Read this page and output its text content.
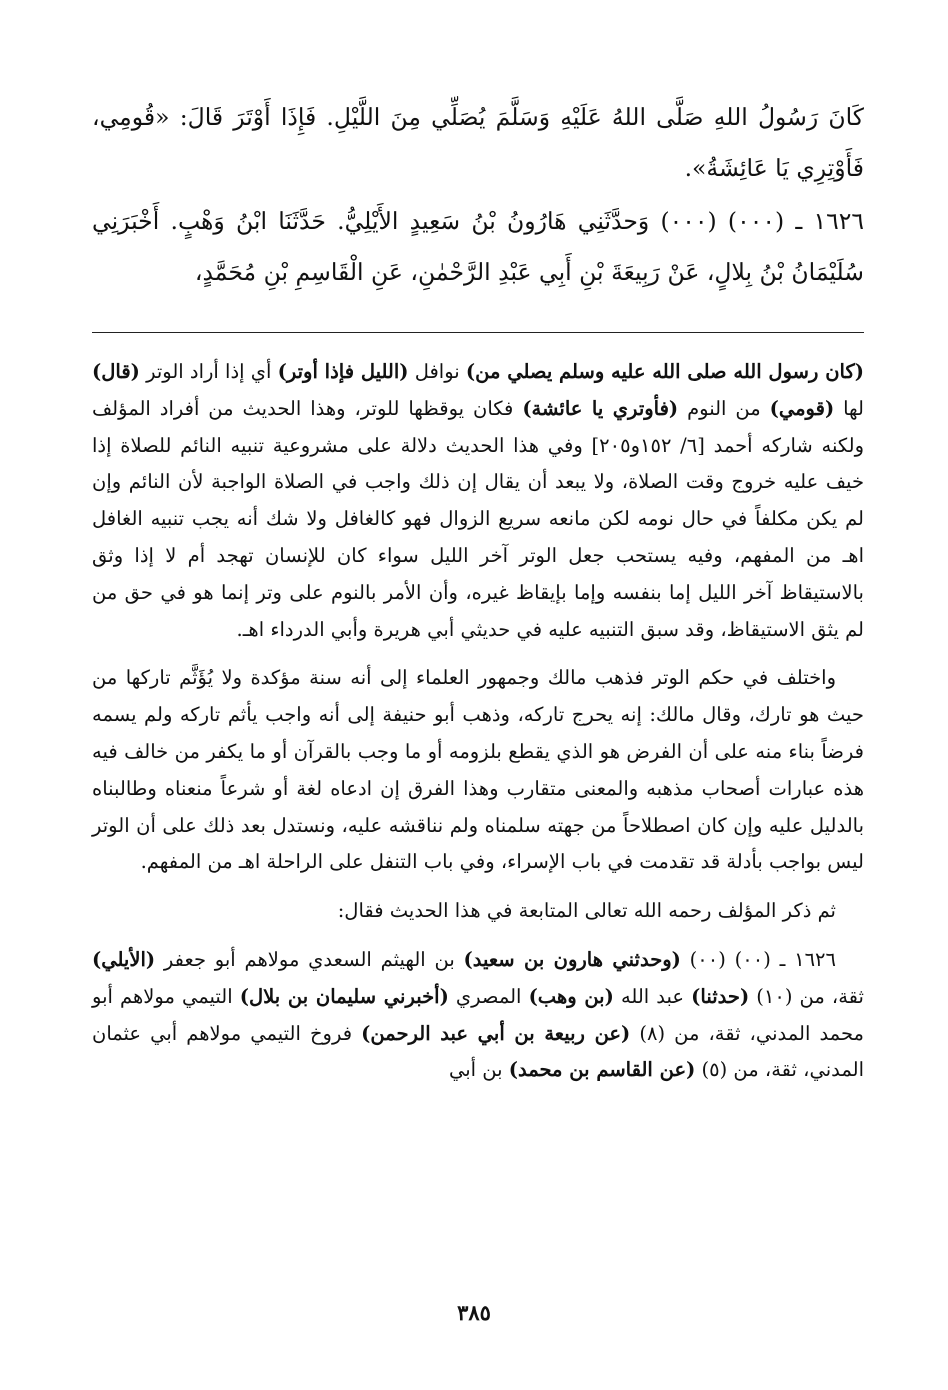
كَانَ رَسُولُ اللهِ صَلَّى اللهُ عَلَيْهِ وَسَلَّمَ يُصَلِّي مِنَ اللَّيْلِ. فَإِذَا أَوْتَرَ قَالَ: «قُومِي، فَأَوْتِرِي يَا عَائِشَةُ».

١٦٢٦ ـ (٠٠٠) (٠٠٠) وَحدَّثَنِي هَارُونُ بْنُ سَعِيدٍ الأَيْلِيُّ. حَدَّثَنَا ابْنُ وَهْبٍ. أَخْبَرَنِي سُلَيْمَانُ بْنُ بِلالٍ، عَنْ رَبِيعَةَ بْنِ أَبِي عَبْدِ الرَّحْمٰنِ، عَنِ الْقَاسِمِ بْنِ مُحَمَّدٍ،

(كان رسول الله صلى الله عليه وسلم يصلي من) نوافل (الليل فإذا أوتر) أي إذا أراد الوتر (قال) لها (قومي) من النوم (فأوتري يا عائشة) فكان يوقظها للوتر، وهذا الحديث من أفراد المؤلف ولكنه شاركه أحمد [٦/ ١٥٢و٢٠٥] وفي هذا الحديث دلالة على مشروعية تنبيه النائم للصلاة إذا خيف عليه خروج وقت الصلاة، ولا يبعد أن يقال إن ذلك واجب في الصلاة الواجبة لأن النائم وإن لم يكن مكلفاً في حال نومه لكن مانعه سريع الزوال فهو كالغافل ولا شك أنه يجب تنبيه الغافل اهـ من المفهم، وفيه يستحب جعل الوتر آخر الليل سواء كان للإنسان تهجد أم لا إذا وثق بالاستيقاظ آخر الليل إما بنفسه وإما بإيقاظ غيره، وأن الأمر بالنوم على وتر إنما هو في حق من لم يثق الاستيقاظ، وقد سبق التنبيه عليه في حديثي أبي هريرة وأبي الدرداء اهـ.

واختلف في حكم الوتر فذهب مالك وجمهور العلماء إلى أنه سنة مؤكدة ولا يُؤَثَّم تاركها من حيث هو تارك، وقال مالك: إنه يحرج تاركه، وذهب أبو حنيفة إلى أنه واجب يأثم تاركه ولم يسمه فرضاً بناء منه على أن الفرض هو الذي يقطع بلزومه أو ما وجب بالقرآن أو ما يكفر من خالف فيه هذه عبارات أصحاب مذهبه والمعنى متقارب وهذا الفرق إن ادعاه لغة أو شرعاً منعناه وطالبناه بالدليل عليه وإن كان اصطلاحاً من جهته سلمناه ولم نناقشه عليه، ونستدل بعد ذلك على أن الوتر ليس بواجب بأدلة قد تقدمت في باب الإسراء، وفي باب التنفل على الراحلة اهـ من المفهم.

ثم ذكر المؤلف رحمه الله تعالى المتابعة في هذا الحديث فقال:

١٦٢٦ ـ (٠٠) (٠٠) (وحدثني هارون بن سعيد) بن الهيثم السعدي مولاهم أبو جعفر (الأيلي) ثقة، من (١٠) (حدثنا) عبد الله (بن وهب) المصري (أخبرني سليمان بن بلال) التيمي مولاهم أبو محمد المدني، ثقة، من (٨) (عن ربيعة بن أبي عبد الرحمن) فروخ التيمي مولاهم أبي عثمان المدني، ثقة، من (٥) (عن القاسم بن محمد) بن أبي

٣٨٥
